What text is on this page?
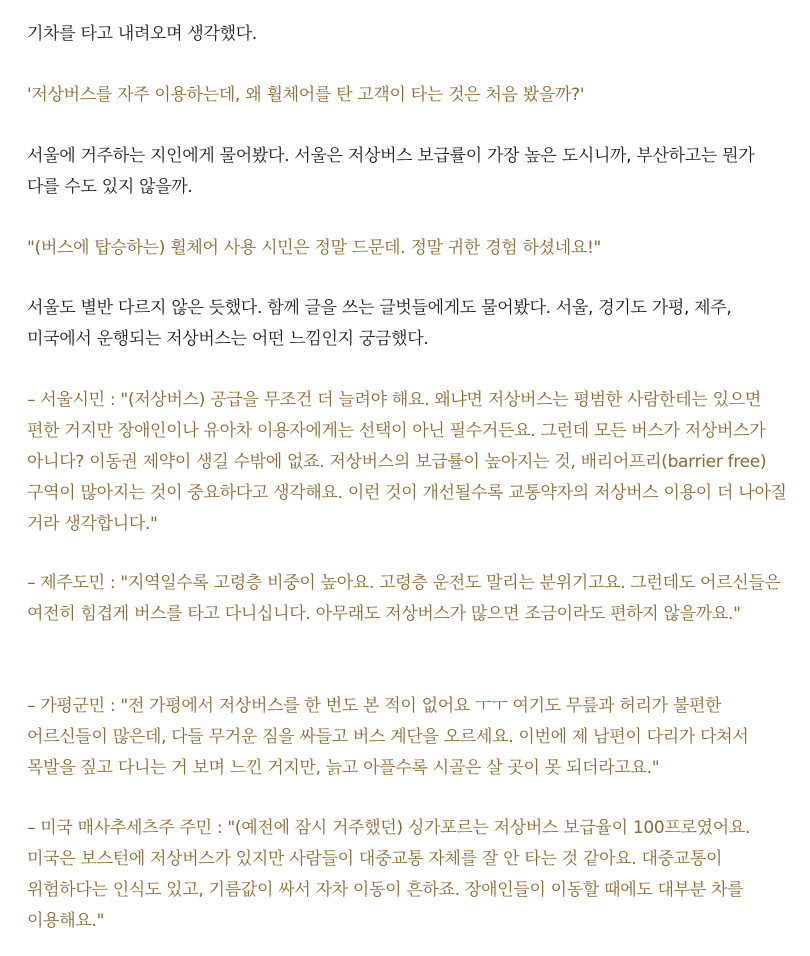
기차를 타고 내려오며 생각했다.

'저상버스를 자주 이용하는데, 왜 휠체어를 탄 고객이 타는 것은 처음 봤을까?'

서울에 거주하는 지인에게 물어봤다. 서울은 저상버스 보급률이 가장 높은 도시니까, 부산하고는 뭔가 다를 수도 있지 않을까.

"(버스에 탑승하는) 휠체어 사용 시민은 정말 드문데. 정말 귀한 경험 하셨네요!"

서울도 별반 다르지 않은 듯했다. 함께 글을 쓰는 글벗들에게도 물어봤다. 서울, 경기도 가평, 제주, 미국에서 운행되는 저상버스는 어떤 느낌인지 궁금했다.

– 서울시민 : "(저상버스) 공급을 무조건 더 늘려야 해요. 왜냐면 저상버스는 평범한 사람한테는 있으면 편한 거지만 장애인이나 유아차 이용자에게는 선택이 아닌 필수거든요. 그런데 모든 버스가 저상버스가 아니다? 이동권 제약이 생길 수밖에 없죠. 저상버스의 보급률이 높아지는 것, 배리어프리(barrier free) 구역이 많아지는 것이 중요하다고 생각해요. 이런 것이 개선될수록 교통약자의 저상버스 이용이 더 나아질 거라 생각합니다."

– 제주도민 : "지역일수록 고령층 비중이 높아요. 고령층 운전도 말리는 분위기고요. 그런데도 어르신들은 여전히 힘겹게 버스를 타고 다니십니다. 아무래도 저상버스가 많으면 조금이라도 편하지 않을까요."

– 가평군민 : "전 가평에서 저상버스를 한 번도 본 적이 없어요 ㅜㅜ 여기도 무릎과 허리가 불편한 어르신들이 많은데, 다들 무거운 짐을 싸들고 버스 계단을 오르세요. 이번에 제 남편이 다리가 다쳐서 목발을 짚고 다니는 거 보며 느낀 거지만, 늙고 아플수록 시골은 살 곳이 못 되더라고요."

– 미국 매사추세츠주 주민 : "(예전에 잠시 거주했던) 싱가포르는 저상버스 보급율이 100프로였어요. 미국은 보스턴에 저상버스가 있지만 사람들이 대중교통 자체를 잘 안 타는 것 같아요. 대중교통이 위험하다는 인식도 있고, 기름값이 싸서 자차 이동이 흔하죠. 장애인들이 이동할 때에도 대부분 차를 이용해요."
